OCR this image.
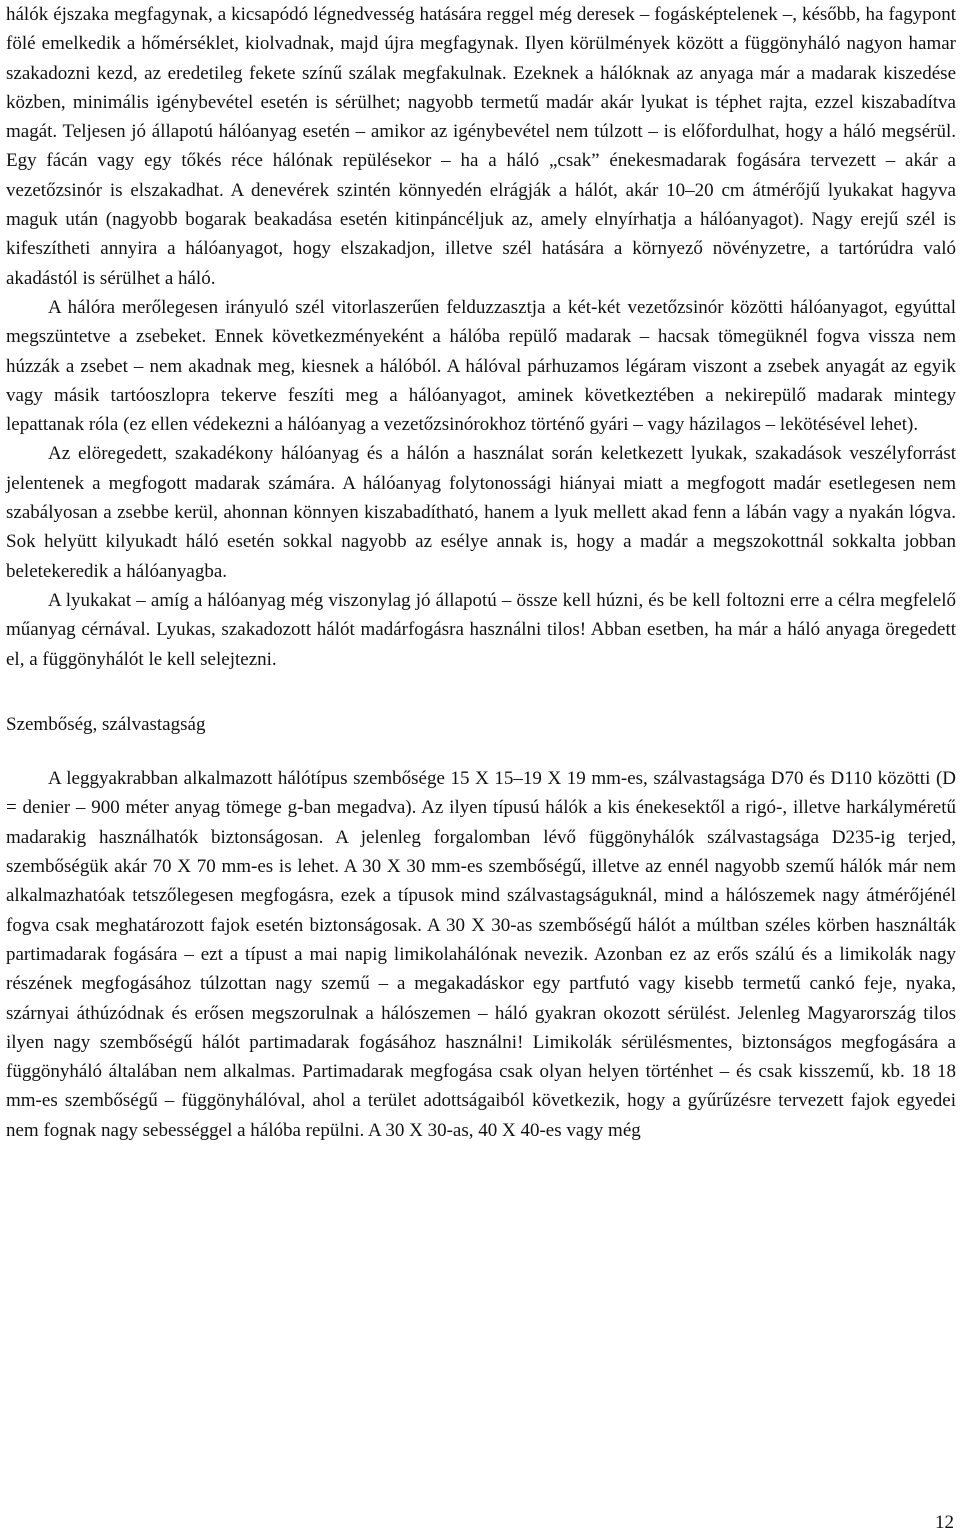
hálók éjszaka megfagynak, a kicsapódó légnedvesség hatására reggel még deresek – fogásképtelenek –, később, ha fagypont fölé emelkedik a hőmérséklet, kiolvadnak, majd újra megfagynak. Ilyen körülmények között a függönyháló nagyon hamar szakadozni kezd, az eredetileg fekete színű szálak megfakulnak. Ezeknek a hálóknak az anyaga már a madarak kiszedése közben, minimális igénybevétel esetén is sérülhet; nagyobb termetű madár akár lyukat is téphet rajta, ezzel kiszabadítva magát. Teljesen jó állapotú hálóanyag esetén – amikor az igénybevétel nem túlzott – is előfordulhat, hogy a háló megsérül. Egy fácán vagy egy tőkés réce hálónak repülésekor – ha a háló „csak” énekesmadarak fogására tervezett – akár a vezetőzsinór is elszakadhat. A denevérek szintén könnyedén elrágják a hálót, akár 10–20 cm átmérőjű lyukakat hagyva maguk után (nagyobb bogarak beakadása esetén kitinpáncéljuk az, amely elnyírhatja a hálóanyagot). Nagy erejű szél is kifeszítheti annyira a hálóanyagot, hogy elszakadjon, illetve szél hatására a környező növényzetre, a tartórúdra való akadástól is sérülhet a háló.

A hálóra merőlegesen irányuló szél vitorlaszerűen felduzzasztja a két-két vezetőzsinór közötti hálóanyagot, egyúttal megszüntetve a zsebeket. Ennek következményeként a hálóba repülő madarak – hacsak tömegüknél fogva vissza nem húzzák a zsebet – nem akadnak meg, kiesnek a hálóból. A hálóval párhuzamos légáram viszont a zsebek anyagát az egyik vagy másik tartóoszlopra tekerve feszíti meg a hálóanyagot, aminek következtében a nekirepülő madarak mintegy lepattanak róla (ez ellen védekezni a hálóanyag a vezetőzsinórokhoz történő gyári – vagy házilagos – lekötésével lehet).

Az elöregedett, szakadékony hálóanyag és a hálón a használat során keletkezett lyukak, szakadások veszélyforrást jelentenek a megfogott madarak számára. A hálóanyag folytonossági hiányai miatt a megfogott madár esetlegesen nem szabályosan a zsebbe kerül, ahonnan könnyen kiszabadítható, hanem a lyuk mellett akad fenn a lábán vagy a nyakán lógva. Sok helyütt kilyukadt háló esetén sokkal nagyobb az esélye annak is, hogy a madár a megszokottnál sokkalta jobban beletekeredik a hálóanyagba.

A lyukakat – amíg a hálóanyag még viszonylag jó állapotú – össze kell húzni, és be kell foltozni erre a célra megfelelő műanyag cérnával. Lyukas, szakadozott hálót madárfogásra használni tilos! Abban esetben, ha már a háló anyaga öregedett el, a függönyhálót le kell selejtezni.

Szembőség, szálvastagság

A leggyakrabban alkalmazott hálótípus szembősége 15 X 15–19 X 19 mm-es, szálvastagsága D70 és D110 közötti (D = denier – 900 méter anyag tömege g-ban megadva). Az ilyen típusú hálók a kis énekesektől a rigó-, illetve harkályméretű madarakig használhatók biztonságosan. A jelenleg forgalomban lévő függönyhálók szálvastagsága D235-ig terjed, szembőségük akár 70 X 70 mm-es is lehet. A 30 X 30 mm-es szembőségű, illetve az ennél nagyobb szemű hálók már nem alkalmazhatóak tetszőlegesen megfogásra, ezek a típusok mind szálvastagságuknál, mind a hálószemek nagy átmérőjénél fogva csak meghatározott fajok esetén biztonságosak. A 30 X 30-as szembőségű hálót a múltban széles körben használták partimadarak fogására – ezt a típust a mai napig limikolahálónak nevezik. Azonban ez az erős szálú és a limikolák nagy részének megfogásához túlzottan nagy szemű – a megakadáskor egy partfutó vagy kisebb termetű cankó feje, nyaka, szárnyai áthúzódnak és erősen megszorulnak a hálószemen – háló gyakran okozott sérülést. Jelenleg Magyarország tilos ilyen nagy szembőségű hálót partimadarak fogásához használni! Limikolák sérülésmentes, biztonságos megfogására a függönyháló általában nem alkalmas. Partimadarak megfogása csak olyan helyen történhet – és csak kisszemű, kb. 18 18 mm-es szembőségű – függönyhálóval, ahol a terület adottságaiból következik, hogy a gyűrűzésre tervezett fajok egyedei nem fognak nagy sebességgel a hálóba repülni. A 30 X 30-as, 40 X 40-es vagy még

12
